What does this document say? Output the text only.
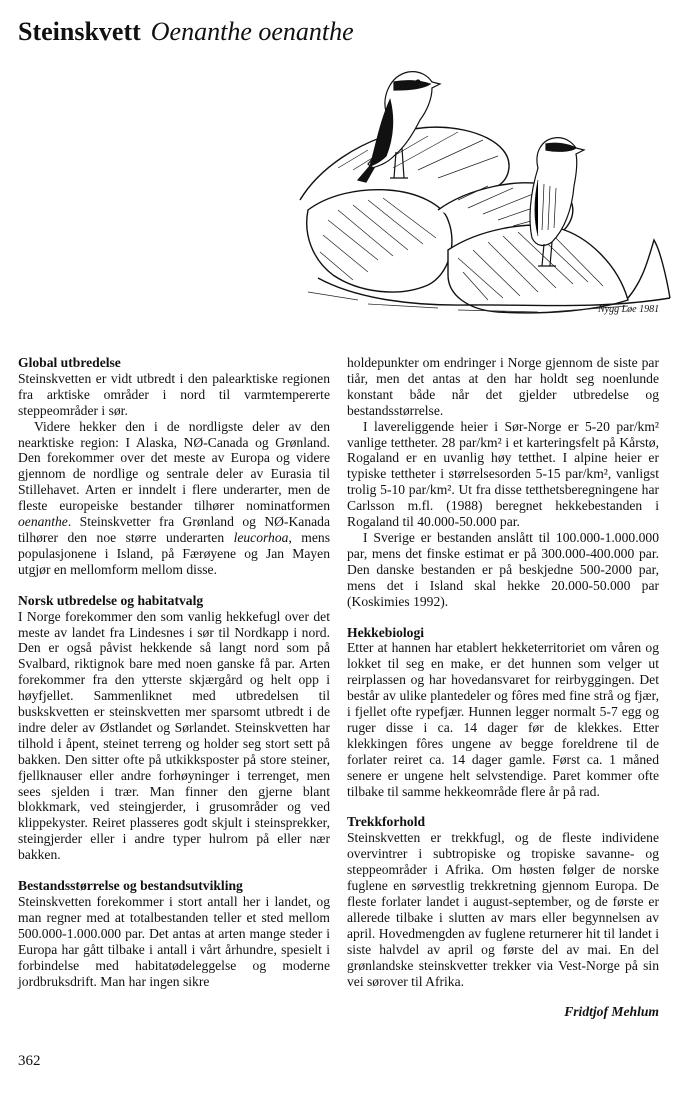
Steinskvett Oenanthe oenanthe
Nygg Løe 1981
Global utbredelse

Steinskvetten er vidt utbredt i den palearktiske regionen fra arktiske områder i nord til varmtempererte steppeområder i sør.

Videre hekker den i de nordligste deler av den nearktiske region: I Alaska, NØ-Canada og Grønland. Den forekommer over det meste av Europa og videre gjennom de nordlige og sentrale deler av Eurasia til Stillehavet. Arten er inndelt i flere underarter, men de fleste europeiske bestander tilhører nominatformen oenanthe. Steinskvetter fra Grønland og NØ-Kanada tilhører den noe større underarten leucorhoa, mens populasjonene i Island, på Færøyene og Jan Mayen utgjør en mellomform mellom disse.

Norsk utbredelse og habitatvalg

I Norge forekommer den som vanlig hekkefugl over det meste av landet fra Lindesnes i sør til Nordkapp i nord. Den er også påvist hekkende så langt nord som på Svalbard, riktignok bare med noen ganske få par. Arten forekommer fra den ytterste skjærgård og helt opp i høyfjellet. Sammenliknet med utbredelsen til buskskvetten er steinskvetten mer sparsomt utbredt i de indre deler av Østlandet og Sørlandet. Steinskvetten har tilhold i åpent, steinet terreng og holder seg stort sett på bakken. Den sitter ofte på utkikksposter på store steiner, fjellknauser eller andre forhøyninger i terrenget, men sees sjelden i trær. Man finner den gjerne blant blokkmark, ved steingjerder, i grusområder og ved klippekyster. Reiret plasseres godt skjult i steinsprekker, steingjerder eller i andre typer hulrom på eller nær bakken.

Bestandsstørrelse og bestandsutvikling

Steinskvetten forekommer i stort antall her i landet, og man regner med at totalbestanden teller et sted mellom 500.000-1.000.000 par. Det antas at arten mange steder i Europa har gått tilbake i antall i vårt århundre, spesielt i forbindelse med habitatødeleggelse og moderne jordbruksdrift. Man har ingen sikre

holdepunkter om endringer i Norge gjennom de siste par tiår, men det antas at den har holdt seg noenlunde konstant både når det gjelder utbredelse og bestandsstørrelse.

I lavereliggende heier i Sør-Norge er 5-20 par/km² vanlige tettheter. 28 par/km² i et karteringsfelt på Kårstø, Rogaland er en uvanlig høy tetthet. I alpine heier er typiske tettheter i størrelsesorden 5-15 par/km², vanligst trolig 5-10 par/km². Ut fra disse tetthetsberegningene har Carlsson m.fl. (1988) beregnet hekkebestanden i Rogaland til 40.000-50.000 par.

I Sverige er bestanden anslått til 100.000-1.000.000 par, mens det finske estimat er på 300.000-400.000 par. Den danske bestanden er på beskjedne 500-2000 par, mens det i Island skal hekke 20.000-50.000 par (Koskimies 1992).

Hekkebiologi

Etter at hannen har etablert hekketerritoriet om våren og lokket til seg en make, er det hunnen som velger ut reirplassen og har hovedansvaret for reirbyggingen. Det består av ulike plantedeler og fôres med fine strå og fjær, i fjellet ofte rypefjær. Hunnen legger normalt 5-7 egg og ruger disse i ca. 14 dager før de klekkes. Etter klekkingen fôres ungene av begge foreldrene til de forlater reiret ca. 14 dager gamle. Først ca. 1 måned senere er ungene helt selvstendige. Paret kommer ofte tilbake til samme hekkeområde flere år på rad.

Trekkforhold

Steinskvetten er trekkfugl, og de fleste individene overvintrer i subtropiske og tropiske savanne- og steppeområder i Afrika. Om høsten følger de norske fuglene en sørvestlig trekkretning gjennom Europa. De fleste forlater landet i august-september, og de første er allerede tilbake i slutten av mars eller begynnelsen av april. Hovedmengden av fuglene returnerer hit til landet i siste halvdel av april og første del av mai. En del grønlandske steinskvetter trekker via Vest-Norge på sin vei sørover til Afrika.

Fridtjof Mehlum
362
